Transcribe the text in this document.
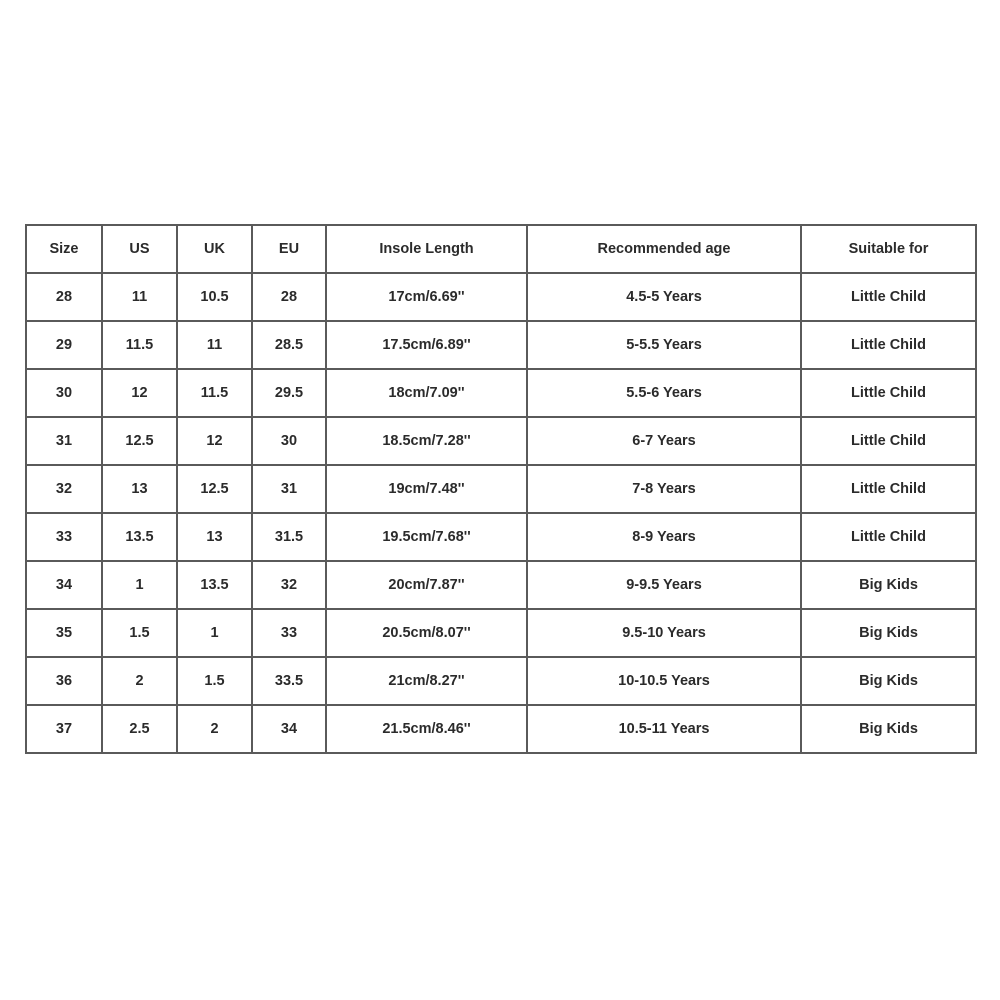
Size	US	UK	EU	Insole Length	Recommended age	Suitable for
28	11	10.5	28	17cm/6.69''	4.5-5 Years	Little Child
29	11.5	11	28.5	17.5cm/6.89''	5-5.5 Years	Little Child
30	12	11.5	29.5	18cm/7.09''	5.5-6 Years	Little Child
31	12.5	12	30	18.5cm/7.28''	6-7 Years	Little Child
32	13	12.5	31	19cm/7.48''	7-8 Years	Little Child
33	13.5	13	31.5	19.5cm/7.68''	8-9 Years	Little Child
34	1	13.5	32	20cm/7.87''	9-9.5 Years	Big Kids
35	1.5	1	33	20.5cm/8.07''	9.5-10 Years	Big Kids
36	2	1.5	33.5	21cm/8.27''	10-10.5 Years	Big Kids
37	2.5	2	34	21.5cm/8.46''	10.5-11 Years	Big Kids
